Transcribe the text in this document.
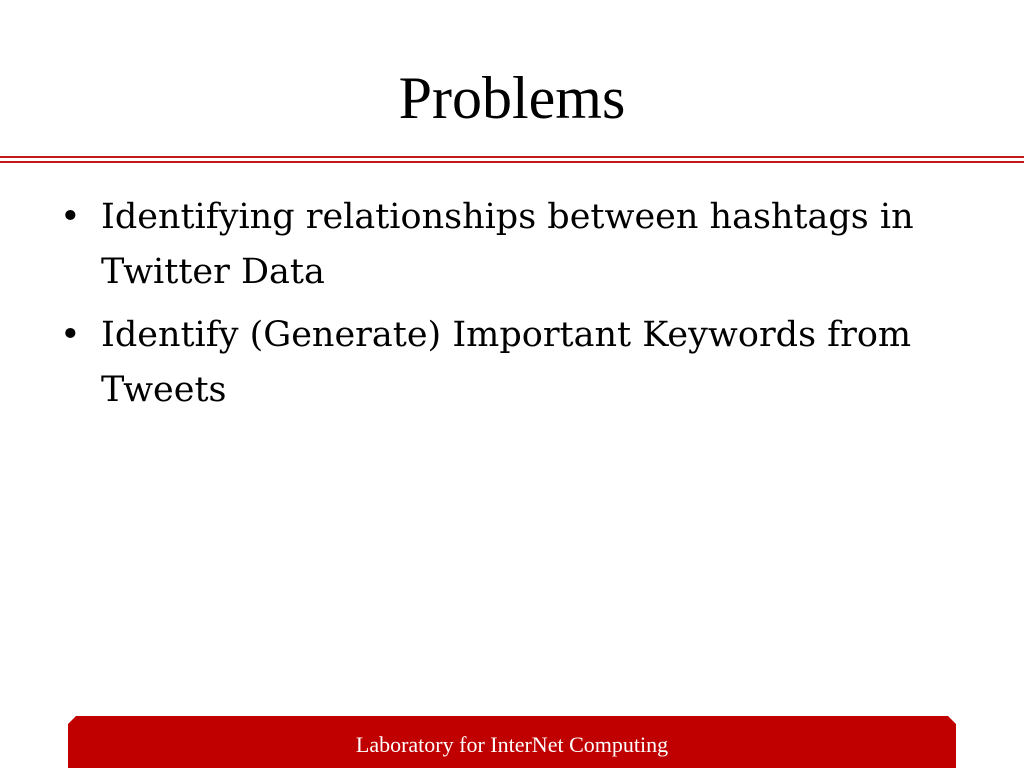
Problems
• Identifying relationships between hashtags in Twitter Data
• Identify (Generate) Important Keywords from Tweets
Laboratory for InterNet Computing
